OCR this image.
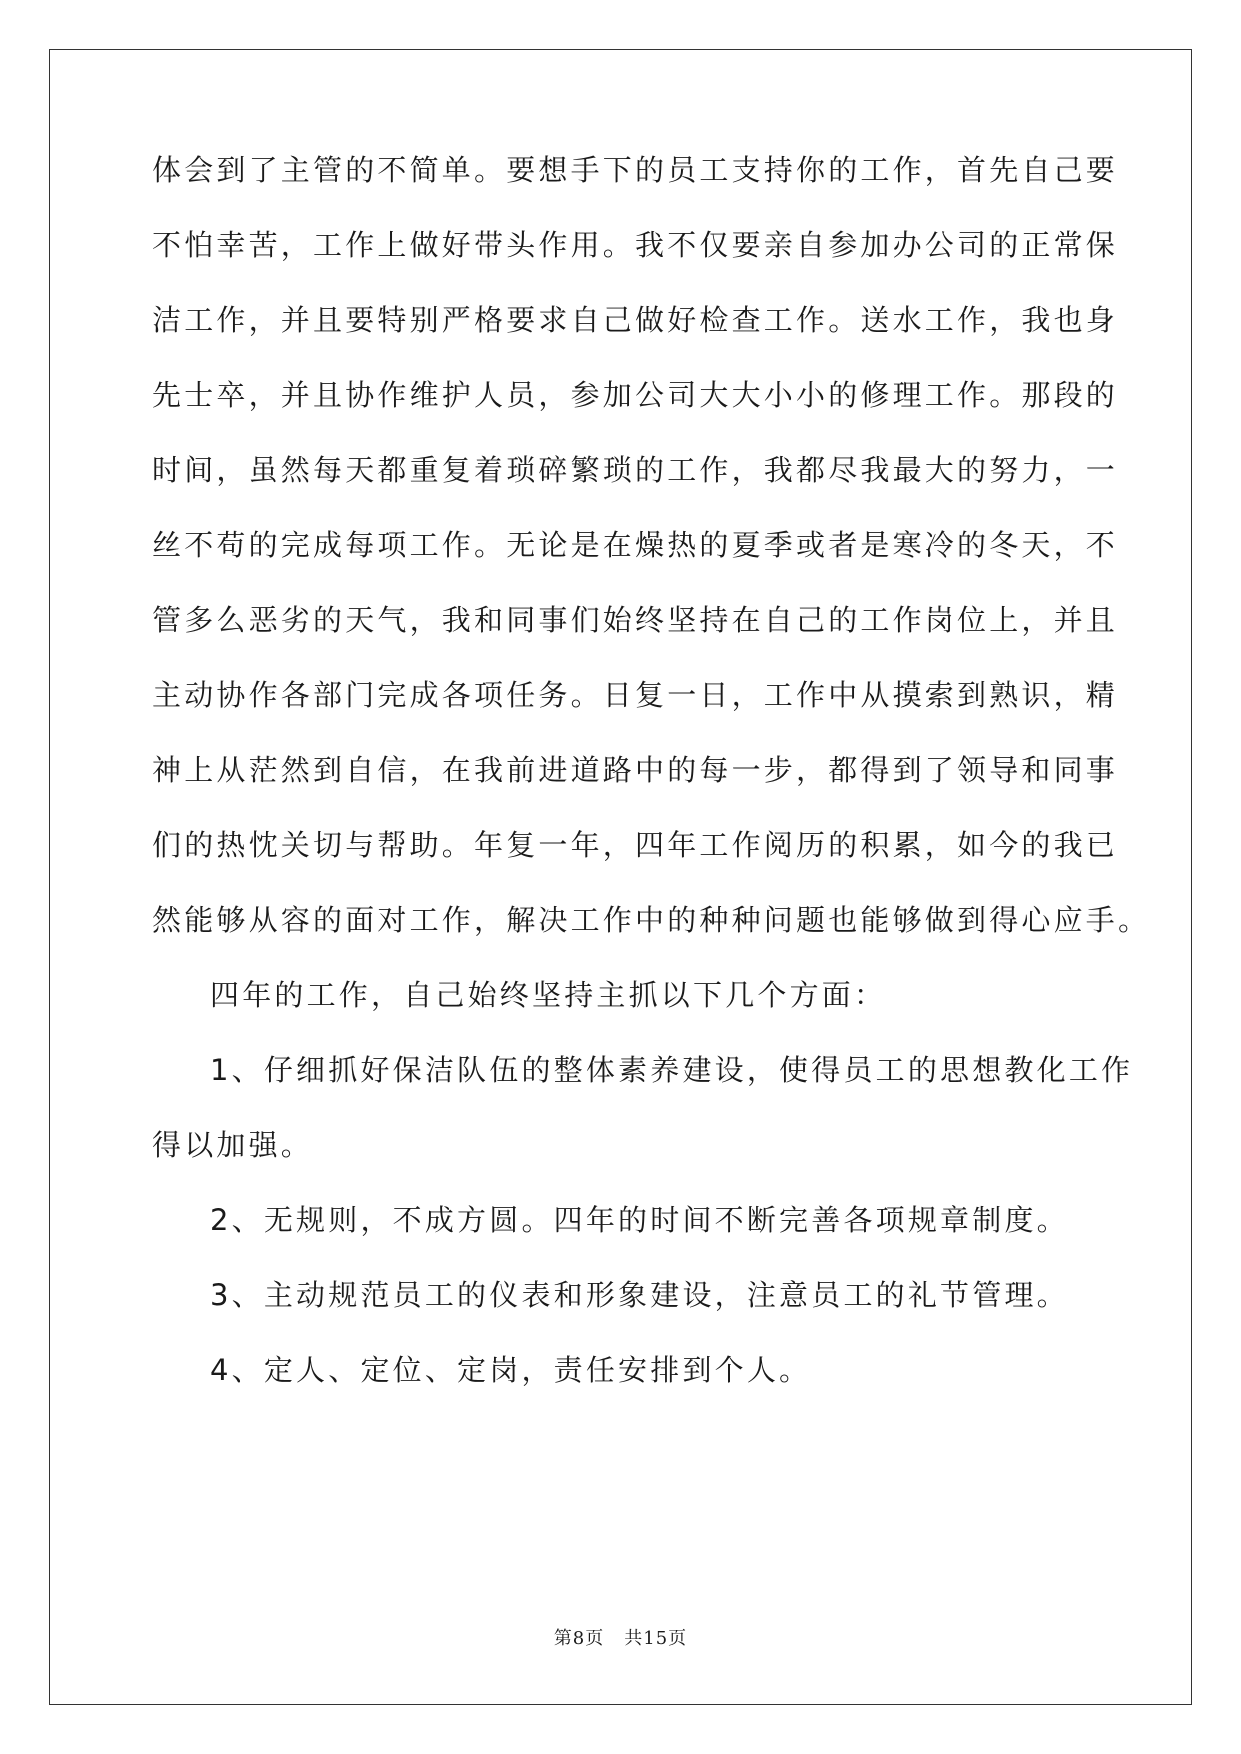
体会到了主管的不简单。要想手下的员工支持你的工作，首先自己要
不怕幸苦，工作上做好带头作用。我不仅要亲自参加办公司的正常保
洁工作，并且要特别严格要求自己做好检查工作。送水工作，我也身
先士卒，并且协作维护人员，参加公司大大小小的修理工作。那段的
时间，虽然每天都重复着琐碎繁琐的工作，我都尽我最大的努力，一
丝不苟的完成每项工作。无论是在燥热的夏季或者是寒冷的冬天，不
管多么恶劣的天气，我和同事们始终坚持在自己的工作岗位上，并且
主动协作各部门完成各项任务。日复一日，工作中从摸索到熟识，精
神上从茫然到自信，在我前进道路中的每一步，都得到了领导和同事
们的热忱关切与帮助。年复一年，四年工作阅历的积累，如今的我已
然能够从容的面对工作，解决工作中的种种问题也能够做到得心应手。
四年的工作，自己始终坚持主抓以下几个方面：
1、仔细抓好保洁队伍的整体素养建设，使得员工的思想教化工作
得以加强。
2、无规则，不成方圆。四年的时间不断完善各项规章制度。
3、主动规范员工的仪表和形象建设，注意员工的礼节管理。
4、定人、定位、定岗，责任安排到个人。
第8页 共15页
